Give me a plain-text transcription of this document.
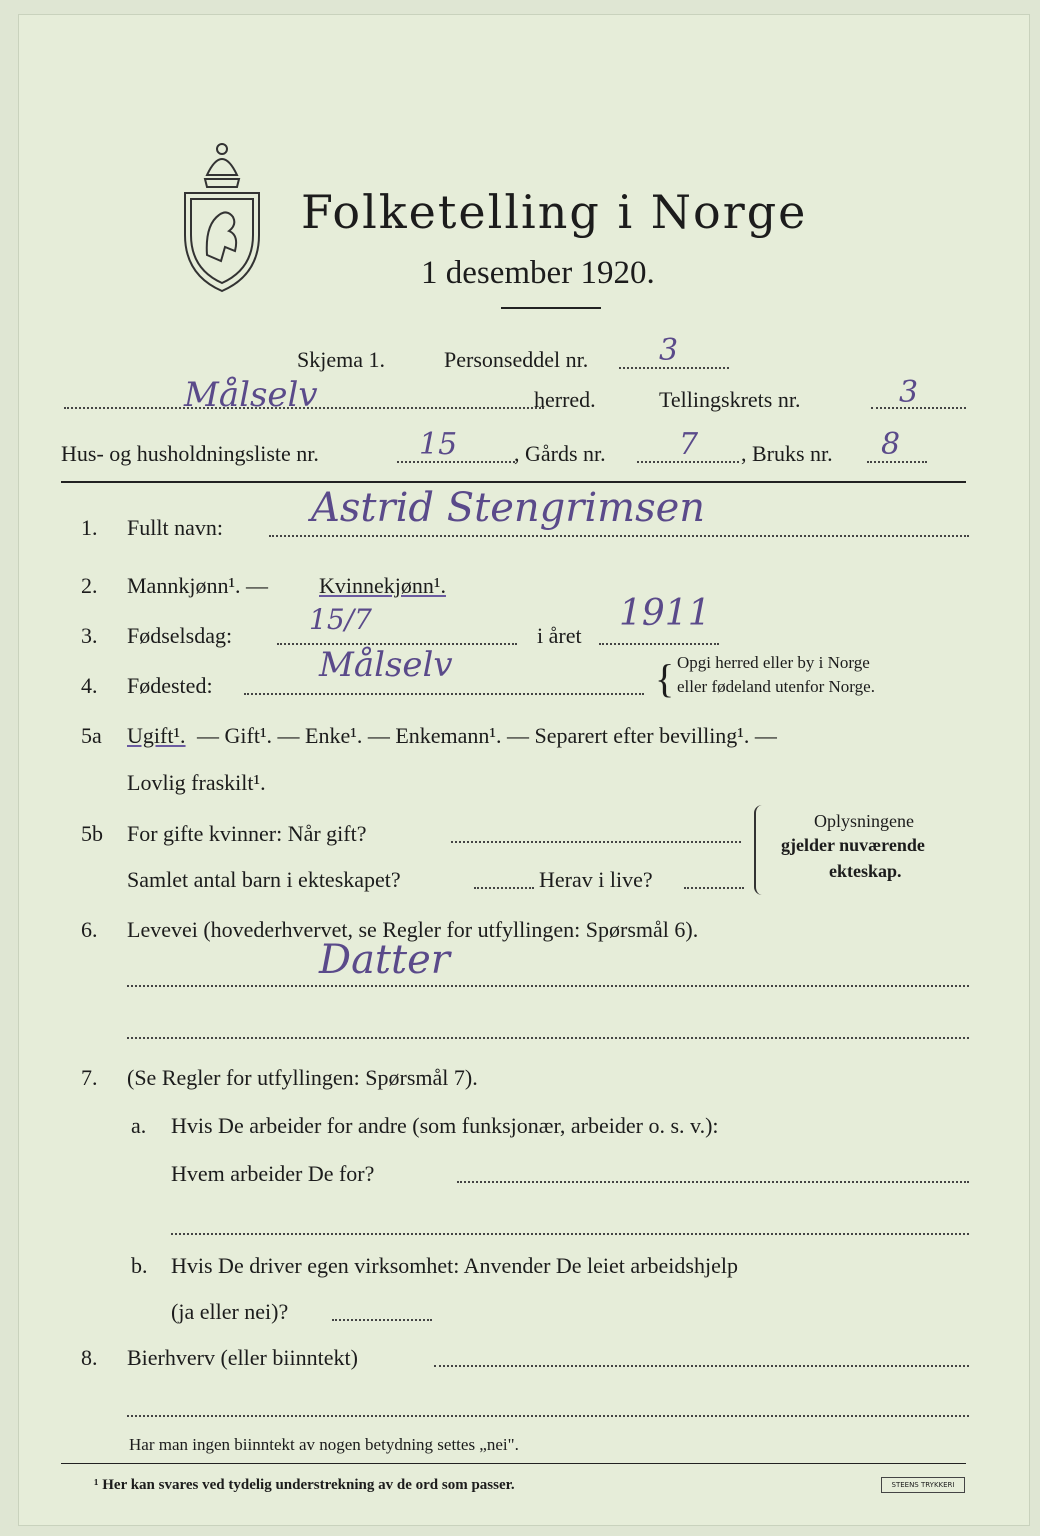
Folketelling i Norge
1 desember 1920.
Skjema 1.	Personseddel nr. 3
Målselv	herred.	Tellingskrets nr.	3
Hus- og husholdningsliste nr.	15	, Gårds nr. 7 , Bruks nr. 8
1. Fullt navn: Astrid Stengrimsen
2. Mannkjønn¹. — Kvinnekjønn¹.
3. Fødselsdag:	15/7	i året
1911
4. Fødested:
Målselv	{ Opgi herred eller by i Norge
eller fødeland utenfor Norge.
5a Ugift¹. — Gift¹. — Enke¹. — Enkemann¹. — Separert efter bevilling¹. —
Lovlig fraskilt¹.
5b For gifte kvinner: Når gift?
Samlet antal barn i ekteskapet?	Herav i live?
Oplysningene
gjelder nuværende
ekteskap.
6. Levevei (hovederhvervet, se Regler for utfyllingen: Spørsmål 6).
Datter
7. (Se Regler for utfyllingen: Spørsmål 7).
a. Hvis De arbeider for andre (som funksjonær, arbeider o. s. v.):
Hvem arbeider De for?
b. Hvis De driver egen virksomhet: Anvender De leiet arbeidshjelp
(ja eller nei)?
8. Bierhverv (eller biinntekt)
Har man ingen biinntekt av nogen betydning settes „nei".
¹ Her kan svares ved tydelig understrekning av de ord som passer.	STEENS TRYKKERI
